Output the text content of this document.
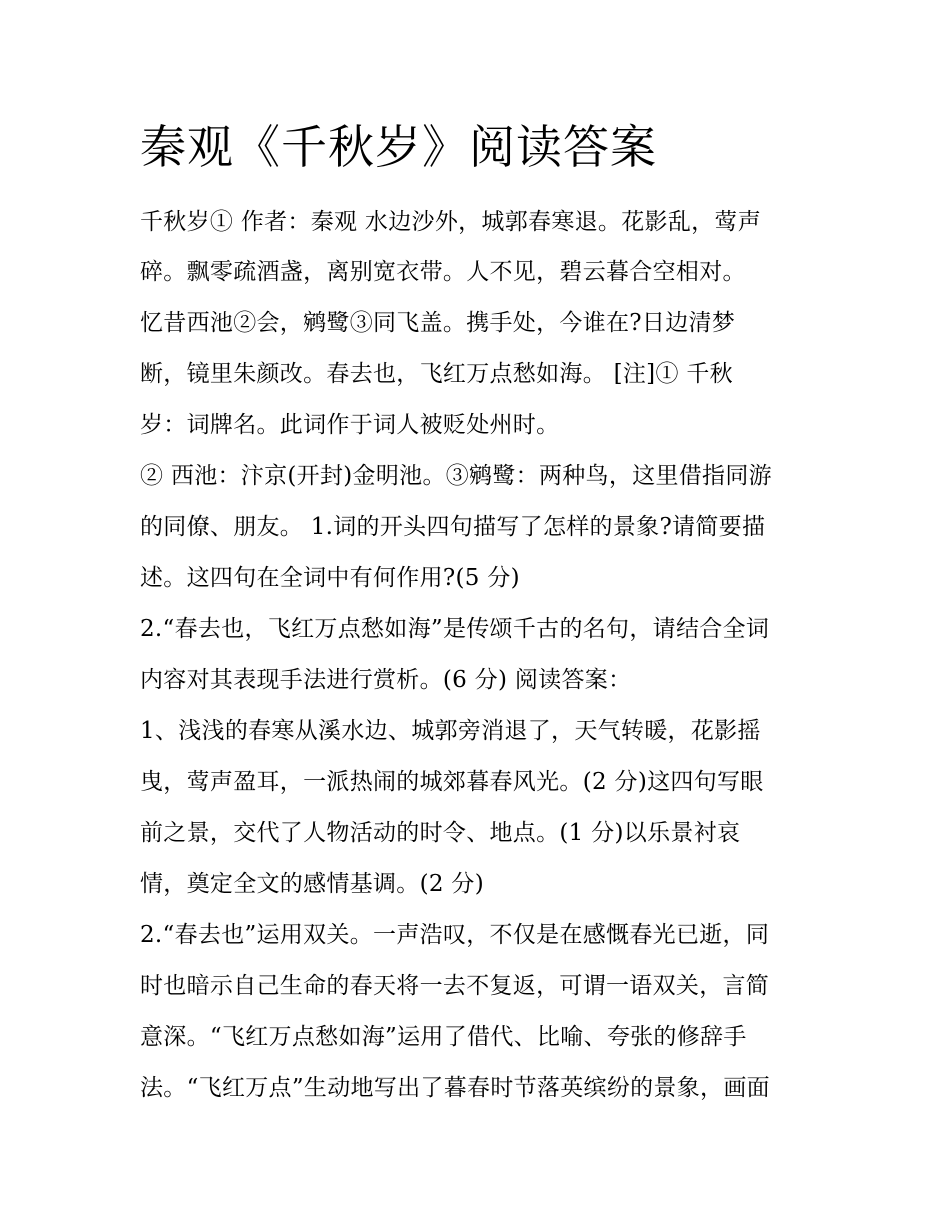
秦观《千秋岁》阅读答案

千秋岁① 作者：秦观 水边沙外，城郭春寒退。花影乱，莺声

碎。飘零疏酒盏，离别宽衣带。人不见，碧云暮合空相对。

忆昔西池②会，鹓鹭③同飞盖。携手处，今谁在?日边清梦

断，镜里朱颜改。春去也，飞红万点愁如海。 [注]① 千秋

岁：词牌名。此词作于词人被贬处州时。

② 西池：汴京(开封)金明池。③鹓鹭：两种鸟，这里借指同游

的同僚、朋友。 1.词的开头四句描写了怎样的景象?请简要描

述。这四句在全词中有何作用?(5 分)

2.“春去也，飞红万点愁如海”是传颂千古的名句，请结合全词

内容对其表现手法进行赏析。(6 分) 阅读答案：

1、浅浅的春寒从溪水边、城郭旁消退了，天气转暖，花影摇

曳，莺声盈耳，一派热闹的城郊暮春风光。(2 分)这四句写眼

前之景，交代了人物活动的时令、地点。(1 分)以乐景衬哀

情，奠定全文的感情基调。(2 分)

2.“春去也”运用双关。一声浩叹，不仅是在感慨春光已逝，同

时也暗示自己生命的春天将一去不复返，可谓一语双关，言简

意深。“飞红万点愁如海”运用了借代、比喻、夸张的修辞手

法。“飞红万点”生动地写出了暮春时节落英缤纷的景象，画面
